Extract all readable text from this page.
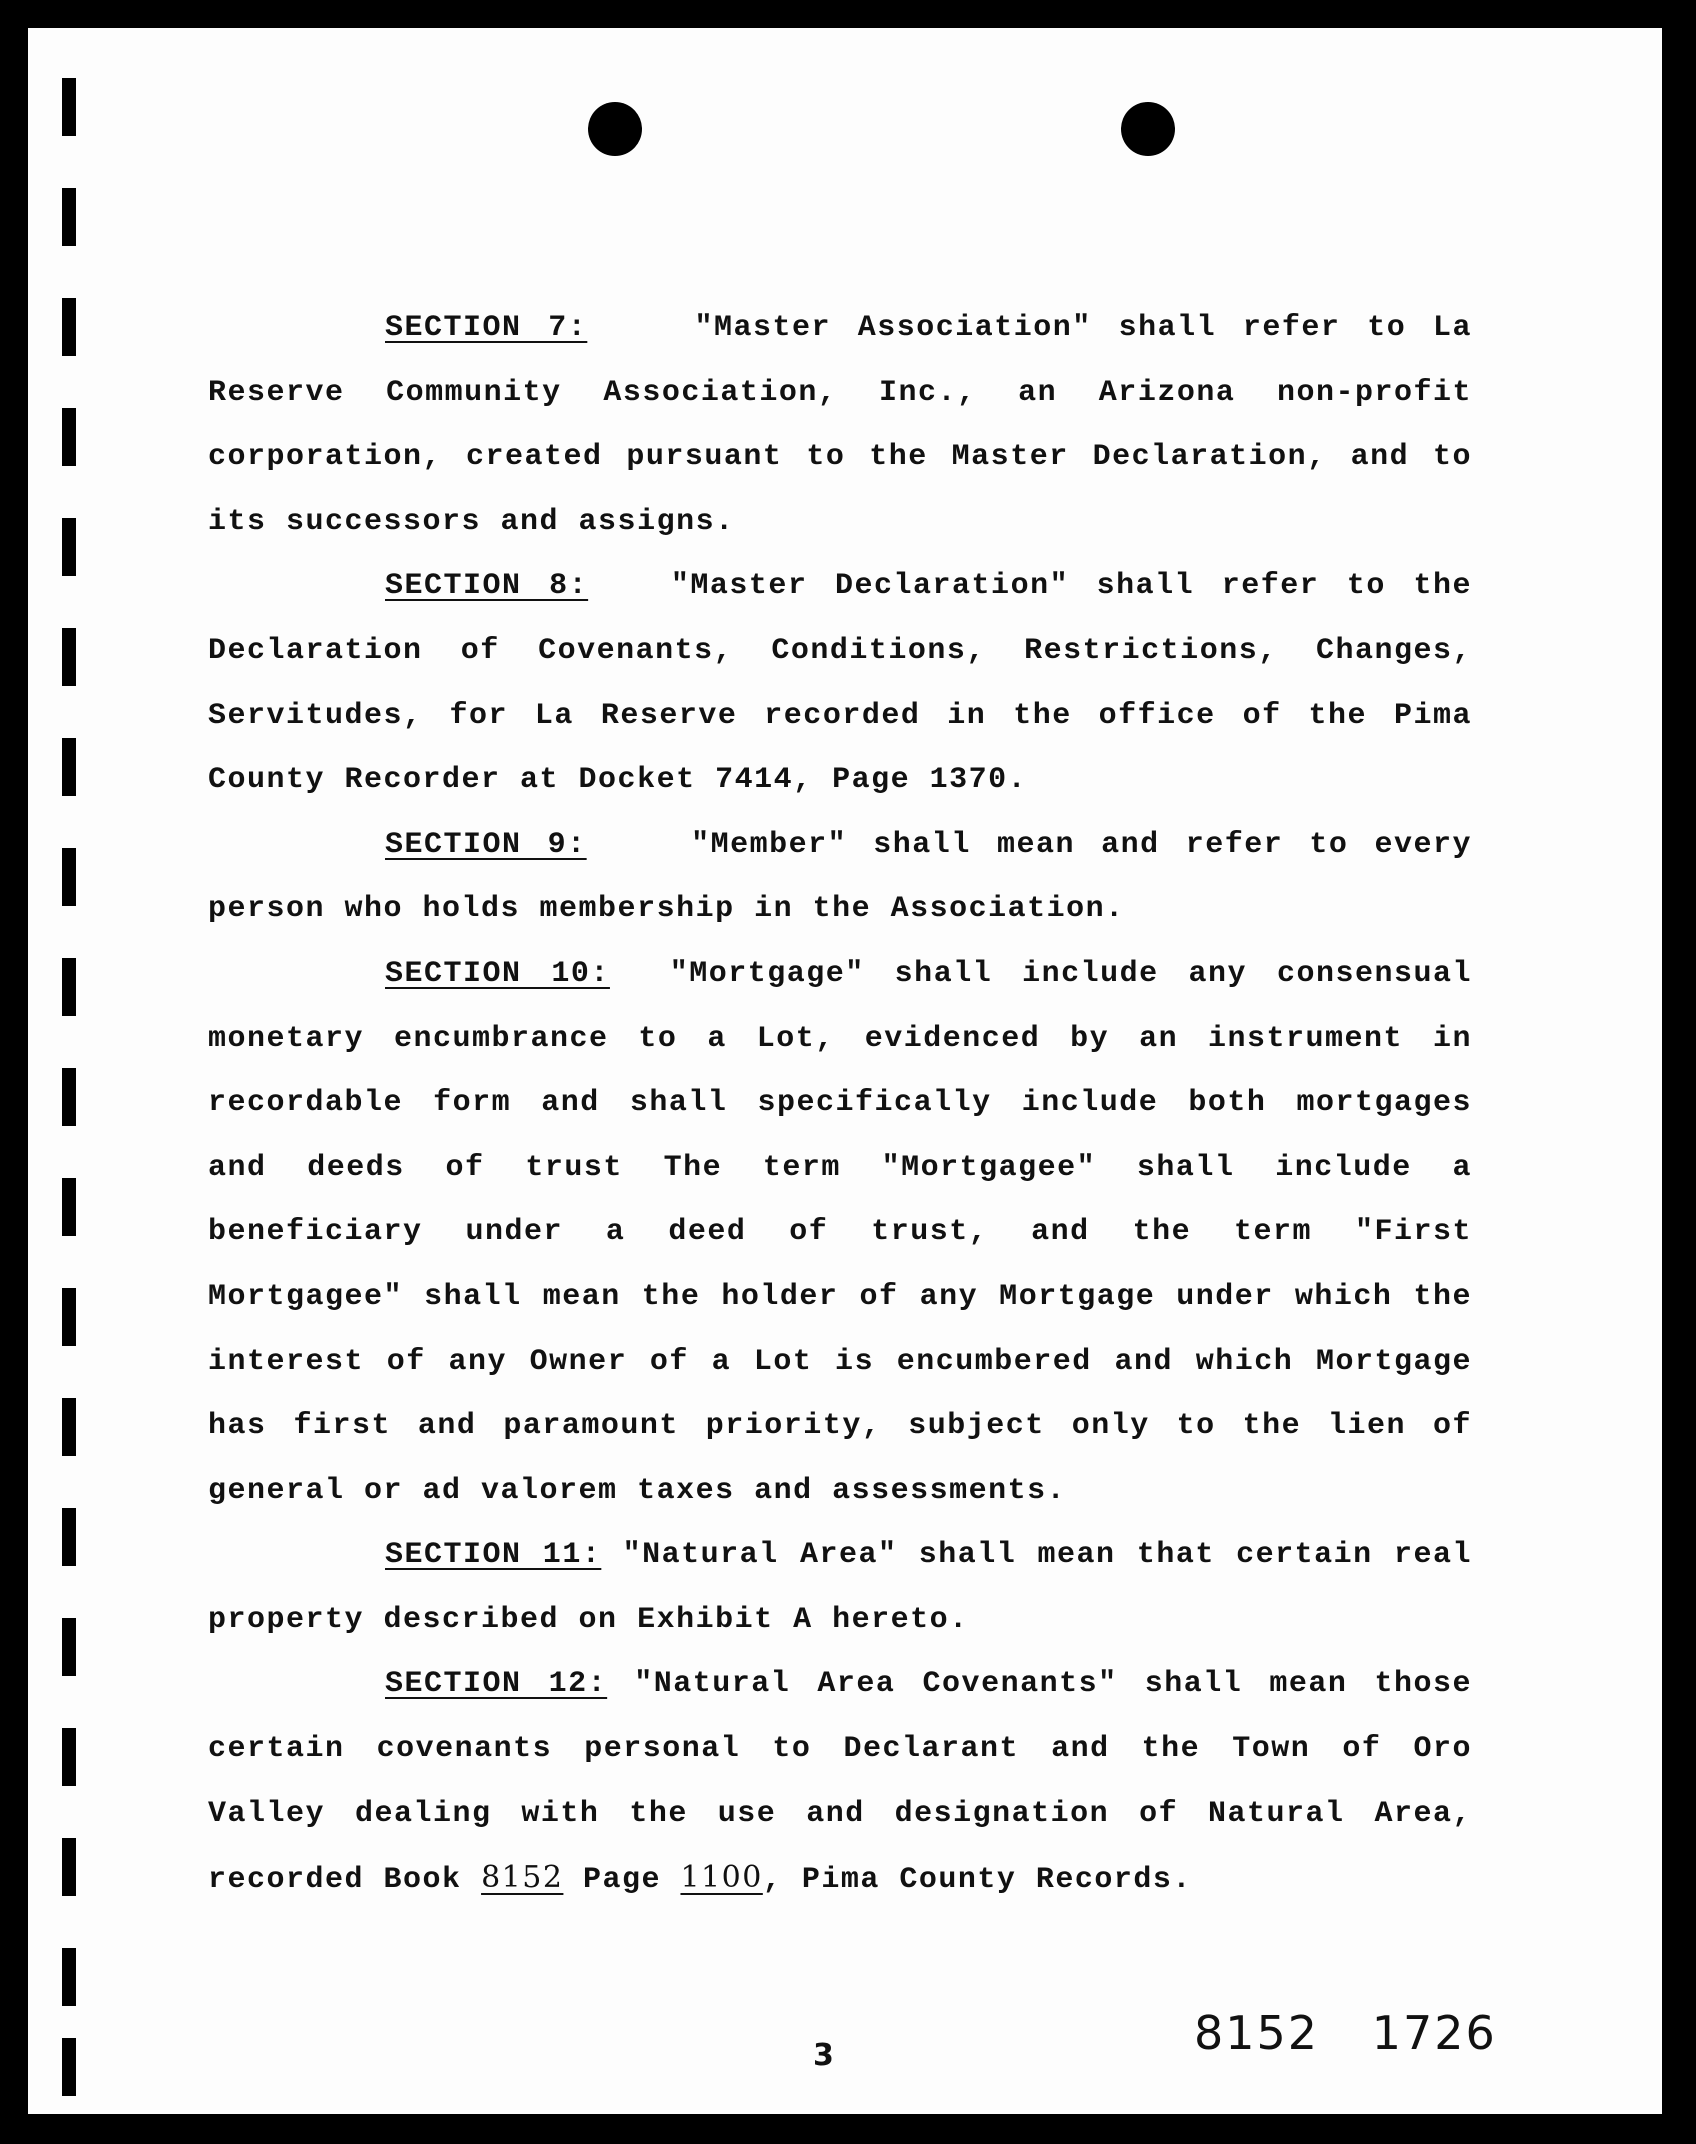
SECTION 7:	"Master Association" shall refer to La Reserve Community Association, Inc., an Arizona non-profit corporation, created pursuant to the Master Declaration, and to its successors and assigns.

SECTION 8:	"Master Declaration" shall refer to the Declaration of Covenants, Conditions, Restrictions, Changes, Servitudes, for La Reserve recorded in the office of the Pima County Recorder at Docket 7414, Page 1370.

SECTION 9:	"Member" shall mean and refer to every person who holds membership in the Association.

SECTION 10: "Mortgage" shall include any consensual monetary encumbrance to a Lot, evidenced by an instrument in recordable form and shall specifically include both mortgages and deeds of trust The term "Mortgagee" shall include a beneficiary under a deed of trust, and the term "First Mortgagee" shall mean the holder of any Mortgage under which the interest of any Owner of a Lot is encumbered and which Mortgage has first and paramount priority, subject only to the lien of general or ad valorem taxes and assessments.

SECTION 11: "Natural Area" shall mean that certain real property described on Exhibit A hereto.

SECTION 12: "Natural Area Covenants" shall mean those certain covenants personal to Declarant and the Town of Oro Valley dealing with the use and designation of Natural Area, recorded Book 8152 Page 1100, Pima County Records.

8152 1726
3
